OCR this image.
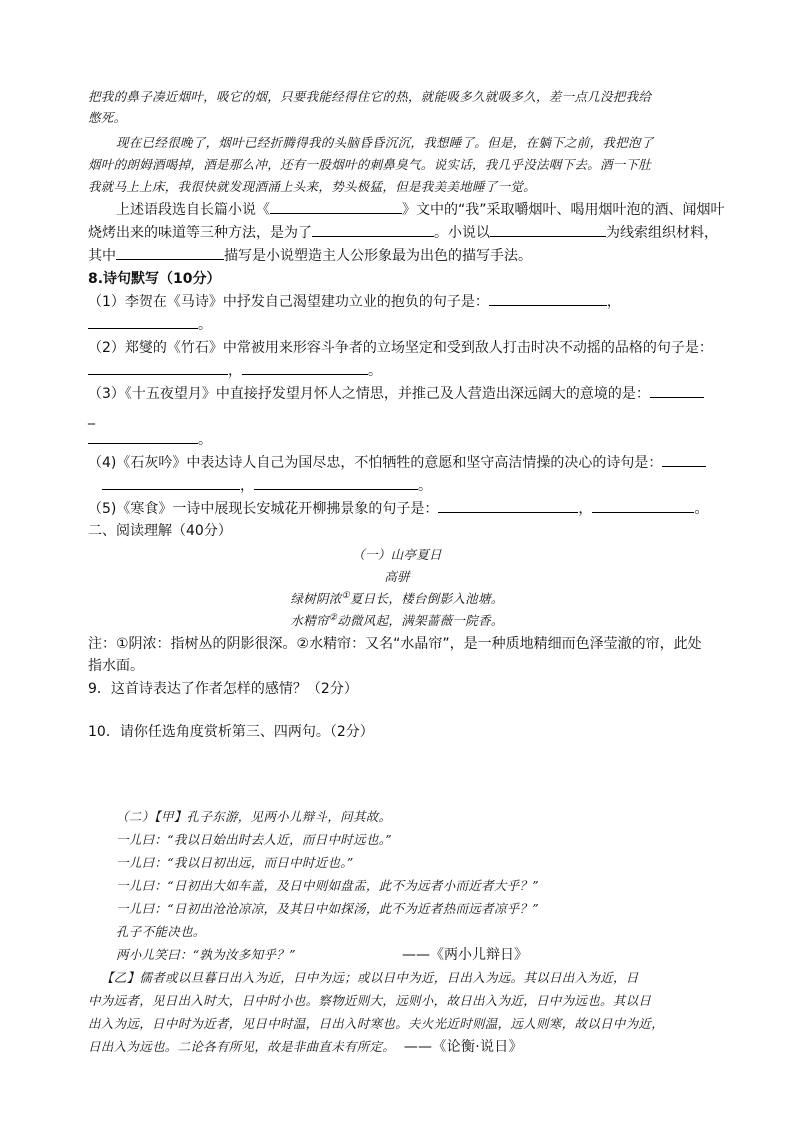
把我的鼻子凑近烟叶，吸它的烟，只要我能经得住它的热，就能吸多久就吸多久，差一点几没把我给
憋死。
现在已经很晚了，烟叶已经折腾得我的头脑昏昏沉沉，我想睡了。但是，在躺下之前，我把泡了
烟叶的朗姆酒喝掉，酒是那么冲，还有一股烟叶的刺鼻臭气。说实话，我几乎没法咽下去。酒一下肚
我就马上上床，我很快就发现酒涌上头来，势头极猛，但是我美美地睡了一觉。
上述语段选自长篇小说《	》文中的“我”采取嚼烟叶、喝用烟叶泡的酒、闻烟叶
烧烤出来的味道等三种方法，是为了	。小说以	为线索组织材料，
其中	描写是小说塑造主人公形象最为出色的描写手法。
8.诗句默写（10分）
（1）李贺在《马诗》中抒发自己渴望建功立业的抱负的句子是：	，
。
（2）郑燮的《竹石》中常被用来形容斗争者的立场坚定和受到敌人打击时决不动摇的品格的句子是：
，	。
（3）《十五夜望月》中直接抒发望月怀人之情思，并推己及人营造出深远阔大的意境的是：
_
。
（4)《石灰吟》中表达诗人自己为国尽忠，不怕牺牲的意愿和坚守高洁情操的决心的诗句是：
，	。
（5)《寒食》一诗中展现长安城花开柳拂景象的句子是：	，	。
二、阅读理解（40分）
（一）山亭夏日
高骈
绿树阴浓①夏日长，楼台倒影入池塘。
水精帘②动微风起，满架蔷薇一院香。
注：①阴浓：指树丛的阴影很深。②水精帘：又名“水晶帘”，是一种质地精细而色泽莹澈的帘，此处
指水面。
9．这首诗表达了作者怎样的感情？（2分）
10．请你任选角度赏析第三、四两句。（2分）
（二）【甲】孔子东游，见两小儿辩斗，问其故。
一儿曰：“我以日始出时去人近，而日中时远也。”
一儿曰：“我以日初出远，而日中时近也。”
一儿曰：“日初出大如车盖，及日中则如盘盂，此不为远者小而近者大乎？”
一儿曰：“日初出沧沧凉凉，及其日中如探汤，此不为近者热而远者凉乎？”
孔子不能决也。
两小儿笑曰：“孰为汝多知乎？”	——《两小儿辩日》
【乙】儒者或以旦暮日出入为近，日中为远；或以日中为近，日出入为远。其以日出入为近，日
中为远者，见日出入时大，日中时小也。察物近则大，远则小，故日出入为近，日中为远也。其以日
出入为远，日中时为近者，见日中时温，日出入时寒也。夫火光近时则温，远人则寒，故以日中为近，
日出入为远也。二论各有所见，故是非曲直未有所定。 ——《论衡·说日》
